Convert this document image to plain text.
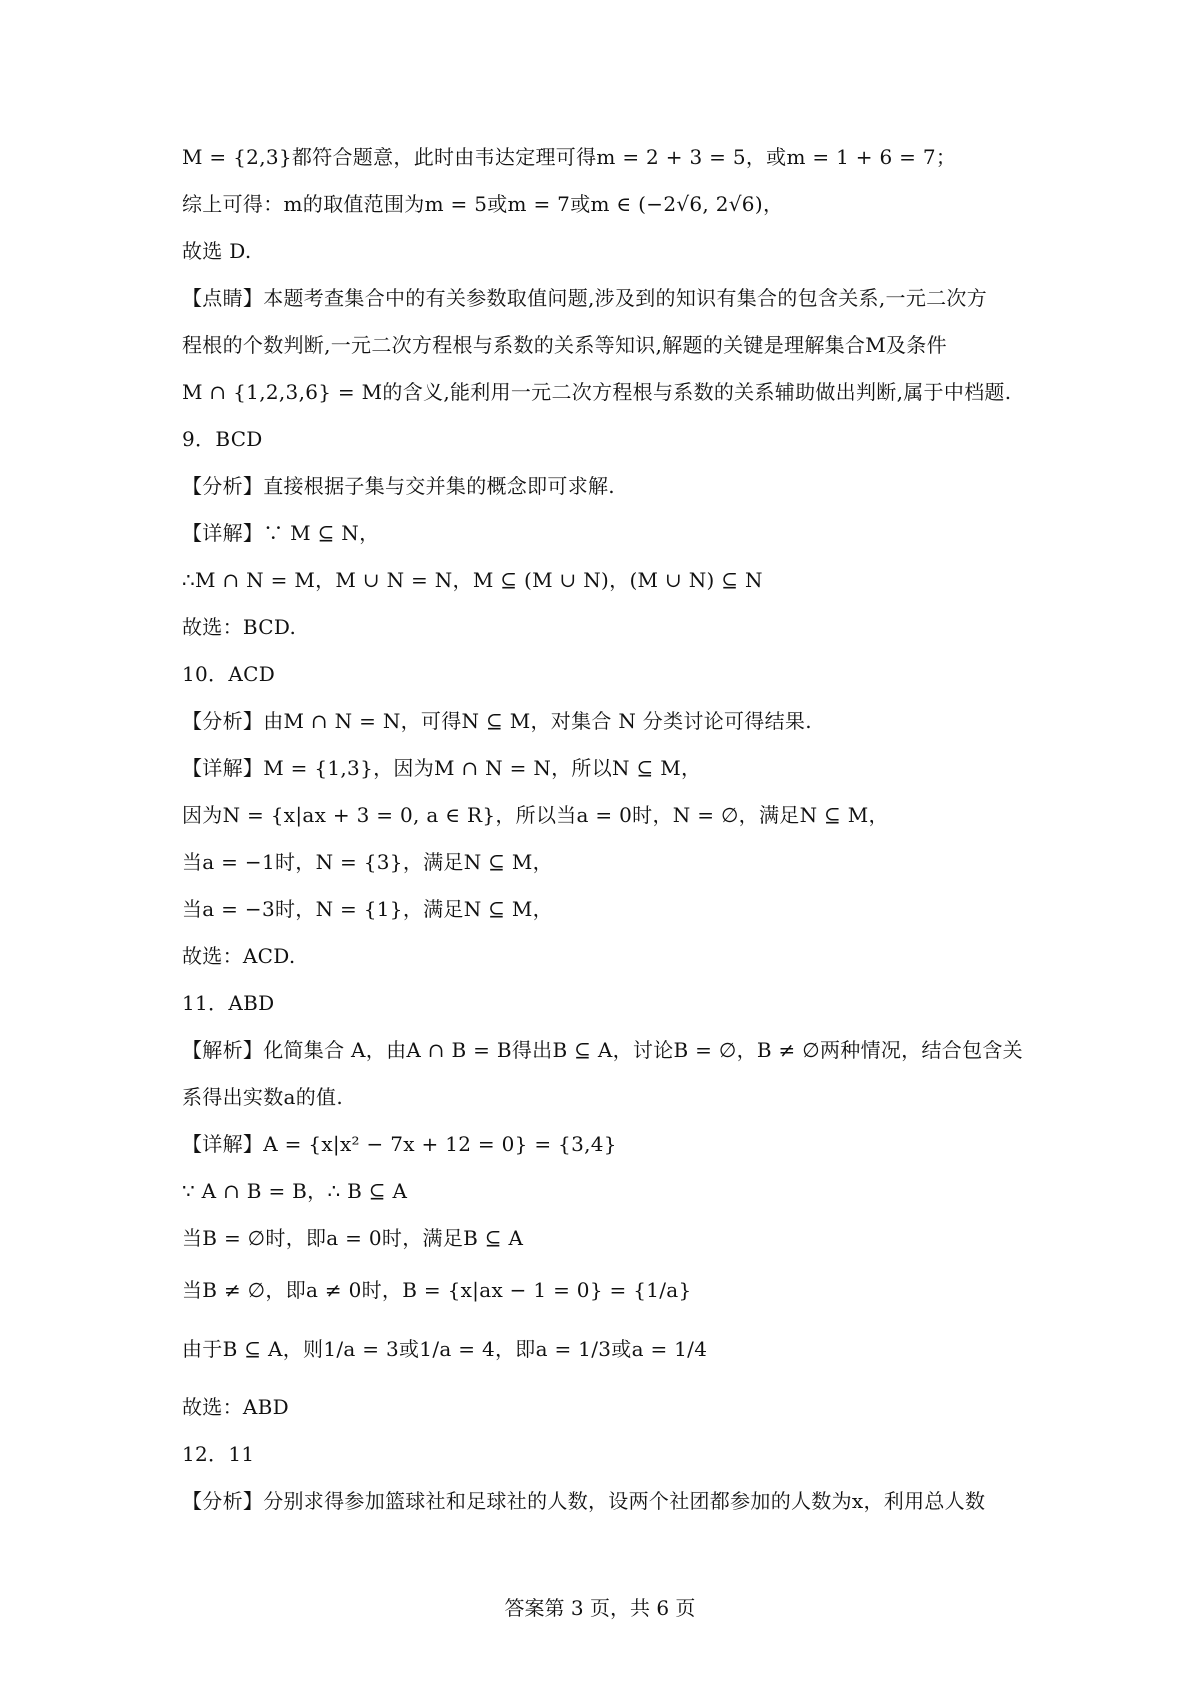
M = {2,3}都符合题意，此时由韦达定理可得m = 2 + 3 = 5，或m = 1 + 6 = 7；
综上可得：m的取值范围为m = 5或m = 7或m ∈ (−2√6, 2√6)，
故选 D.
【点睛】本题考查集合中的有关参数取值问题,涉及到的知识有集合的包含关系,一元二次方
程根的个数判断,一元二次方程根与系数的关系等知识,解题的关键是理解集合M及条件
M ∩ {1,2,3,6} = M的含义,能利用一元二次方程根与系数的关系辅助做出判断,属于中档题.
9．BCD
【分析】直接根据子集与交并集的概念即可求解.
【详解】∵ M ⊆ N，
∴M ∩ N = M，M ∪ N = N，M ⊆ (M ∪ N)，(M ∪ N) ⊆ N
故选：BCD.
10．ACD
【分析】由M ∩ N = N，可得N ⊆ M，对集合 N 分类讨论可得结果.
【详解】M = {1,3}，因为M ∩ N = N，所以N ⊆ M，
因为N = {x|ax + 3 = 0, a ∈ R}，所以当a = 0时，N = ∅，满足N ⊆ M，
当a = −1时，N = {3}，满足N ⊆ M，
当a = −3时，N = {1}，满足N ⊆ M，
故选：ACD.
11．ABD
【解析】化简集合 A，由A ∩ B = B得出B ⊆ A，讨论B = ∅，B ≠ ∅两种情况，结合包含关
系得出实数a的值.
【详解】A = {x|x² − 7x + 12 = 0} = {3,4}
∵ A ∩ B = B，∴ B ⊆ A
当B = ∅时，即a = 0时，满足B ⊆ A
当B ≠ ∅，即a ≠ 0时，B = {x|ax − 1 = 0} = {1/a}
由于B ⊆ A，则1/a = 3或1/a = 4，即a = 1/3或a = 1/4
故选：ABD
12．11
【分析】分别求得参加篮球社和足球社的人数，设两个社团都参加的人数为x，利用总人数
答案第 3 页，共 6 页
